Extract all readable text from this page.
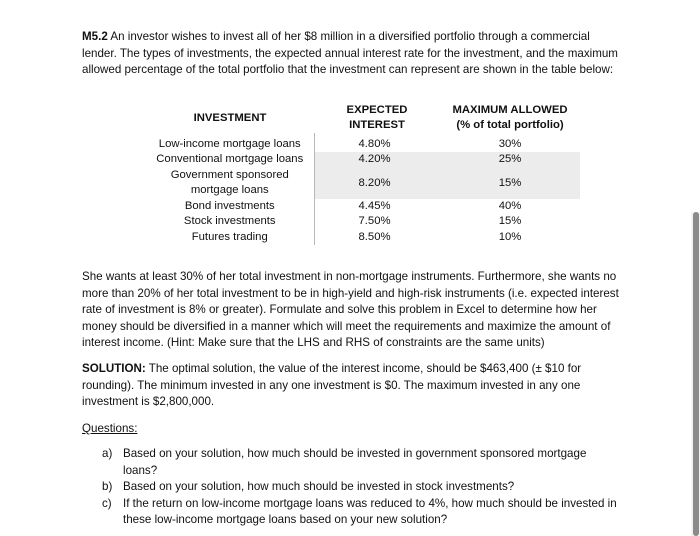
M5.2 An investor wishes to invest all of her $8 million in a diversified portfolio through a commercial lender. The types of investments, the expected annual interest rate for the investment, and the maximum allowed percentage of the total portfolio that the investment can represent are shown in the table below:

INVESTMENT	EXPECTED INTEREST	MAXIMUM ALLOWED
(% of total portfolio)

Low-income mortgage loans	4.80%	30%
Conventional mortgage loans	4.20%	25%
Government sponsored mortgage loans	8.20%	15%
Bond investments	4.45%	40%
Stock investments	7.50%	15%
Futures trading	8.50%	10%

She wants at least 30% of her total investment in non-mortgage instruments. Furthermore, she wants no more than 20% of her total investment to be in high-yield and high-risk instruments (i.e. expected interest rate of investment is 8% or greater). Formulate and solve this problem in Excel to determine how her money should be diversified in a manner which will meet the requirements and maximize the amount of interest income. (Hint: Make sure that the LHS and RHS of constraints are the same units)

SOLUTION: The optimal solution, the value of the interest income, should be $463,400 (± $10 for rounding). The minimum invested in any one investment is $0. The maximum invested in any one investment is $2,800,000.

Questions:

a) Based on your solution, how much should be invested in government sponsored mortgage loans?
b) Based on your solution, how much should be invested in stock investments?
c) If the return on low-income mortgage loans was reduced to 4%, how much should be invested in these low-income mortgage loans based on your new solution?
